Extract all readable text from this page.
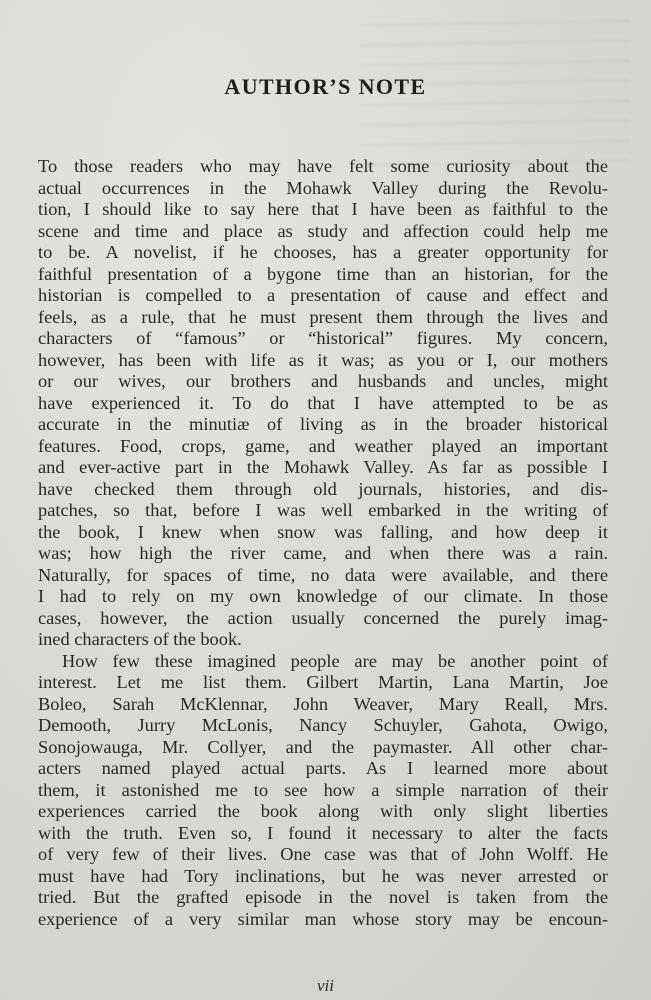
AUTHOR’S NOTE
To those readers who may have felt some curiosity about the
actual occurrences in the Mohawk Valley during the Revolu-
tion, I should like to say here that I have been as faithful to the
scene and time and place as study and affection could help me
to be. A novelist, if he chooses, has a greater opportunity for
faithful presentation of a bygone time than an historian, for the
historian is compelled to a presentation of cause and effect and
feels, as a rule, that he must present them through the lives and
characters of “famous” or “historical” figures. My concern,
however, has been with life as it was; as you or I, our mothers
or our wives, our brothers and husbands and uncles, might
have experienced it. To do that I have attempted to be as
accurate in the minutiæ of living as in the broader historical
features. Food, crops, game, and weather played an important
and ever-active part in the Mohawk Valley. As far as possible I
have checked them through old journals, histories, and dis-
patches, so that, before I was well embarked in the writing of
the book, I knew when snow was falling, and how deep it
was; how high the river came, and when there was a rain.
Naturally, for spaces of time, no data were available, and there
I had to rely on my own knowledge of our climate. In those
cases, however, the action usually concerned the purely imag-
ined characters of the book.
How few these imagined people are may be another point of
interest. Let me list them. Gilbert Martin, Lana Martin, Joe
Boleo, Sarah McKlennar, John Weaver, Mary Reall, Mrs.
Demooth, Jurry McLonis, Nancy Schuyler, Gahota, Owigo,
Sonojowauga, Mr. Collyer, and the paymaster. All other char-
acters named played actual parts. As I learned more about
them, it astonished me to see how a simple narration of their
experiences carried the book along with only slight liberties
with the truth. Even so, I found it necessary to alter the facts
of very few of their lives. One case was that of John Wolff. He
must have had Tory inclinations, but he was never arrested or
tried. But the grafted episode in the novel is taken from the
experience of a very similar man whose story may be encoun-
vii
